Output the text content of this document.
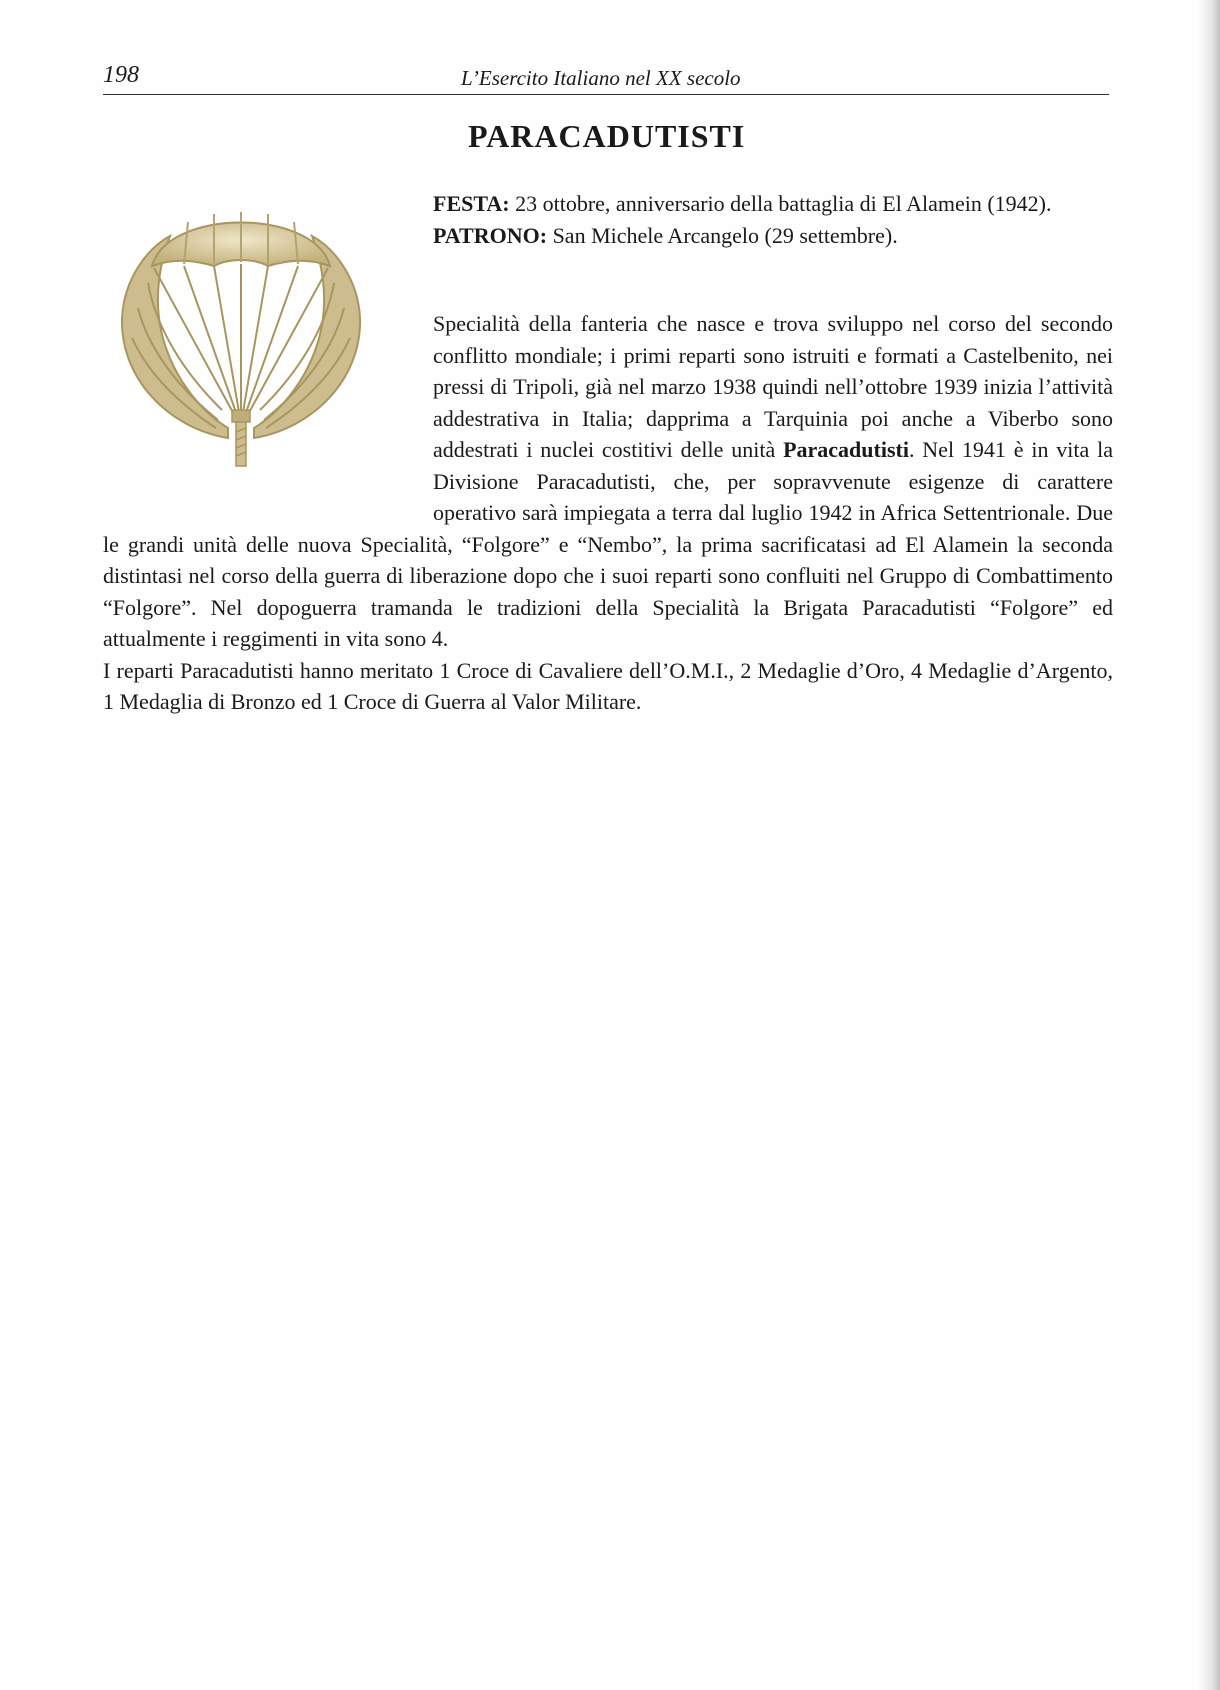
198	L’Esercito Italiano nel XX secolo
PARACADUTISTI

FESTA: 23 ottobre, anniversario della battaglia di El Alamein (1942).

PATRONO: San Michele Arcangelo (29 settembre).

Specialità della fanteria che nasce e trova sviluppo nel corso del secondo conflitto mondiale; i primi reparti sono istruiti e formati a Castelbenito, nei pressi di Tripoli, già nel marzo 1938 quindi nell’ottobre 1939 inizia l’attività addestrativa in Italia; dapprima a Tarquinia poi anche a Viberbo sono addestrati i nuclei costitivi delle unità Paracadutisti. Nel 1941 è in vita la Divisione Paracadutisti, che, per sopravvenute esigenze di carattere operativo sarà impiegata a terra dal luglio 1942 in Africa Settentrionale. Due le grandi unità delle nuova Specialità, “Folgore” e “Nembo”, la prima sacrificatasi ad El Alamein la seconda distintasi nel corso della guerra di liberazione dopo che i suoi reparti sono confluiti nel Gruppo di Combattimento “Folgore”. Nel dopoguerra tramanda le tradizioni della Specialità la Brigata Paracadutisti “Folgore” ed attualmente i reggimenti in vita sono 4.

I reparti Paracadutisti hanno meritato 1 Croce di Cavaliere dell’O.M.I., 2 Medaglie d’Oro, 4 Medaglie d’Argento, 1 Medaglia di Bronzo ed 1 Croce di Guerra al Valor Militare.
